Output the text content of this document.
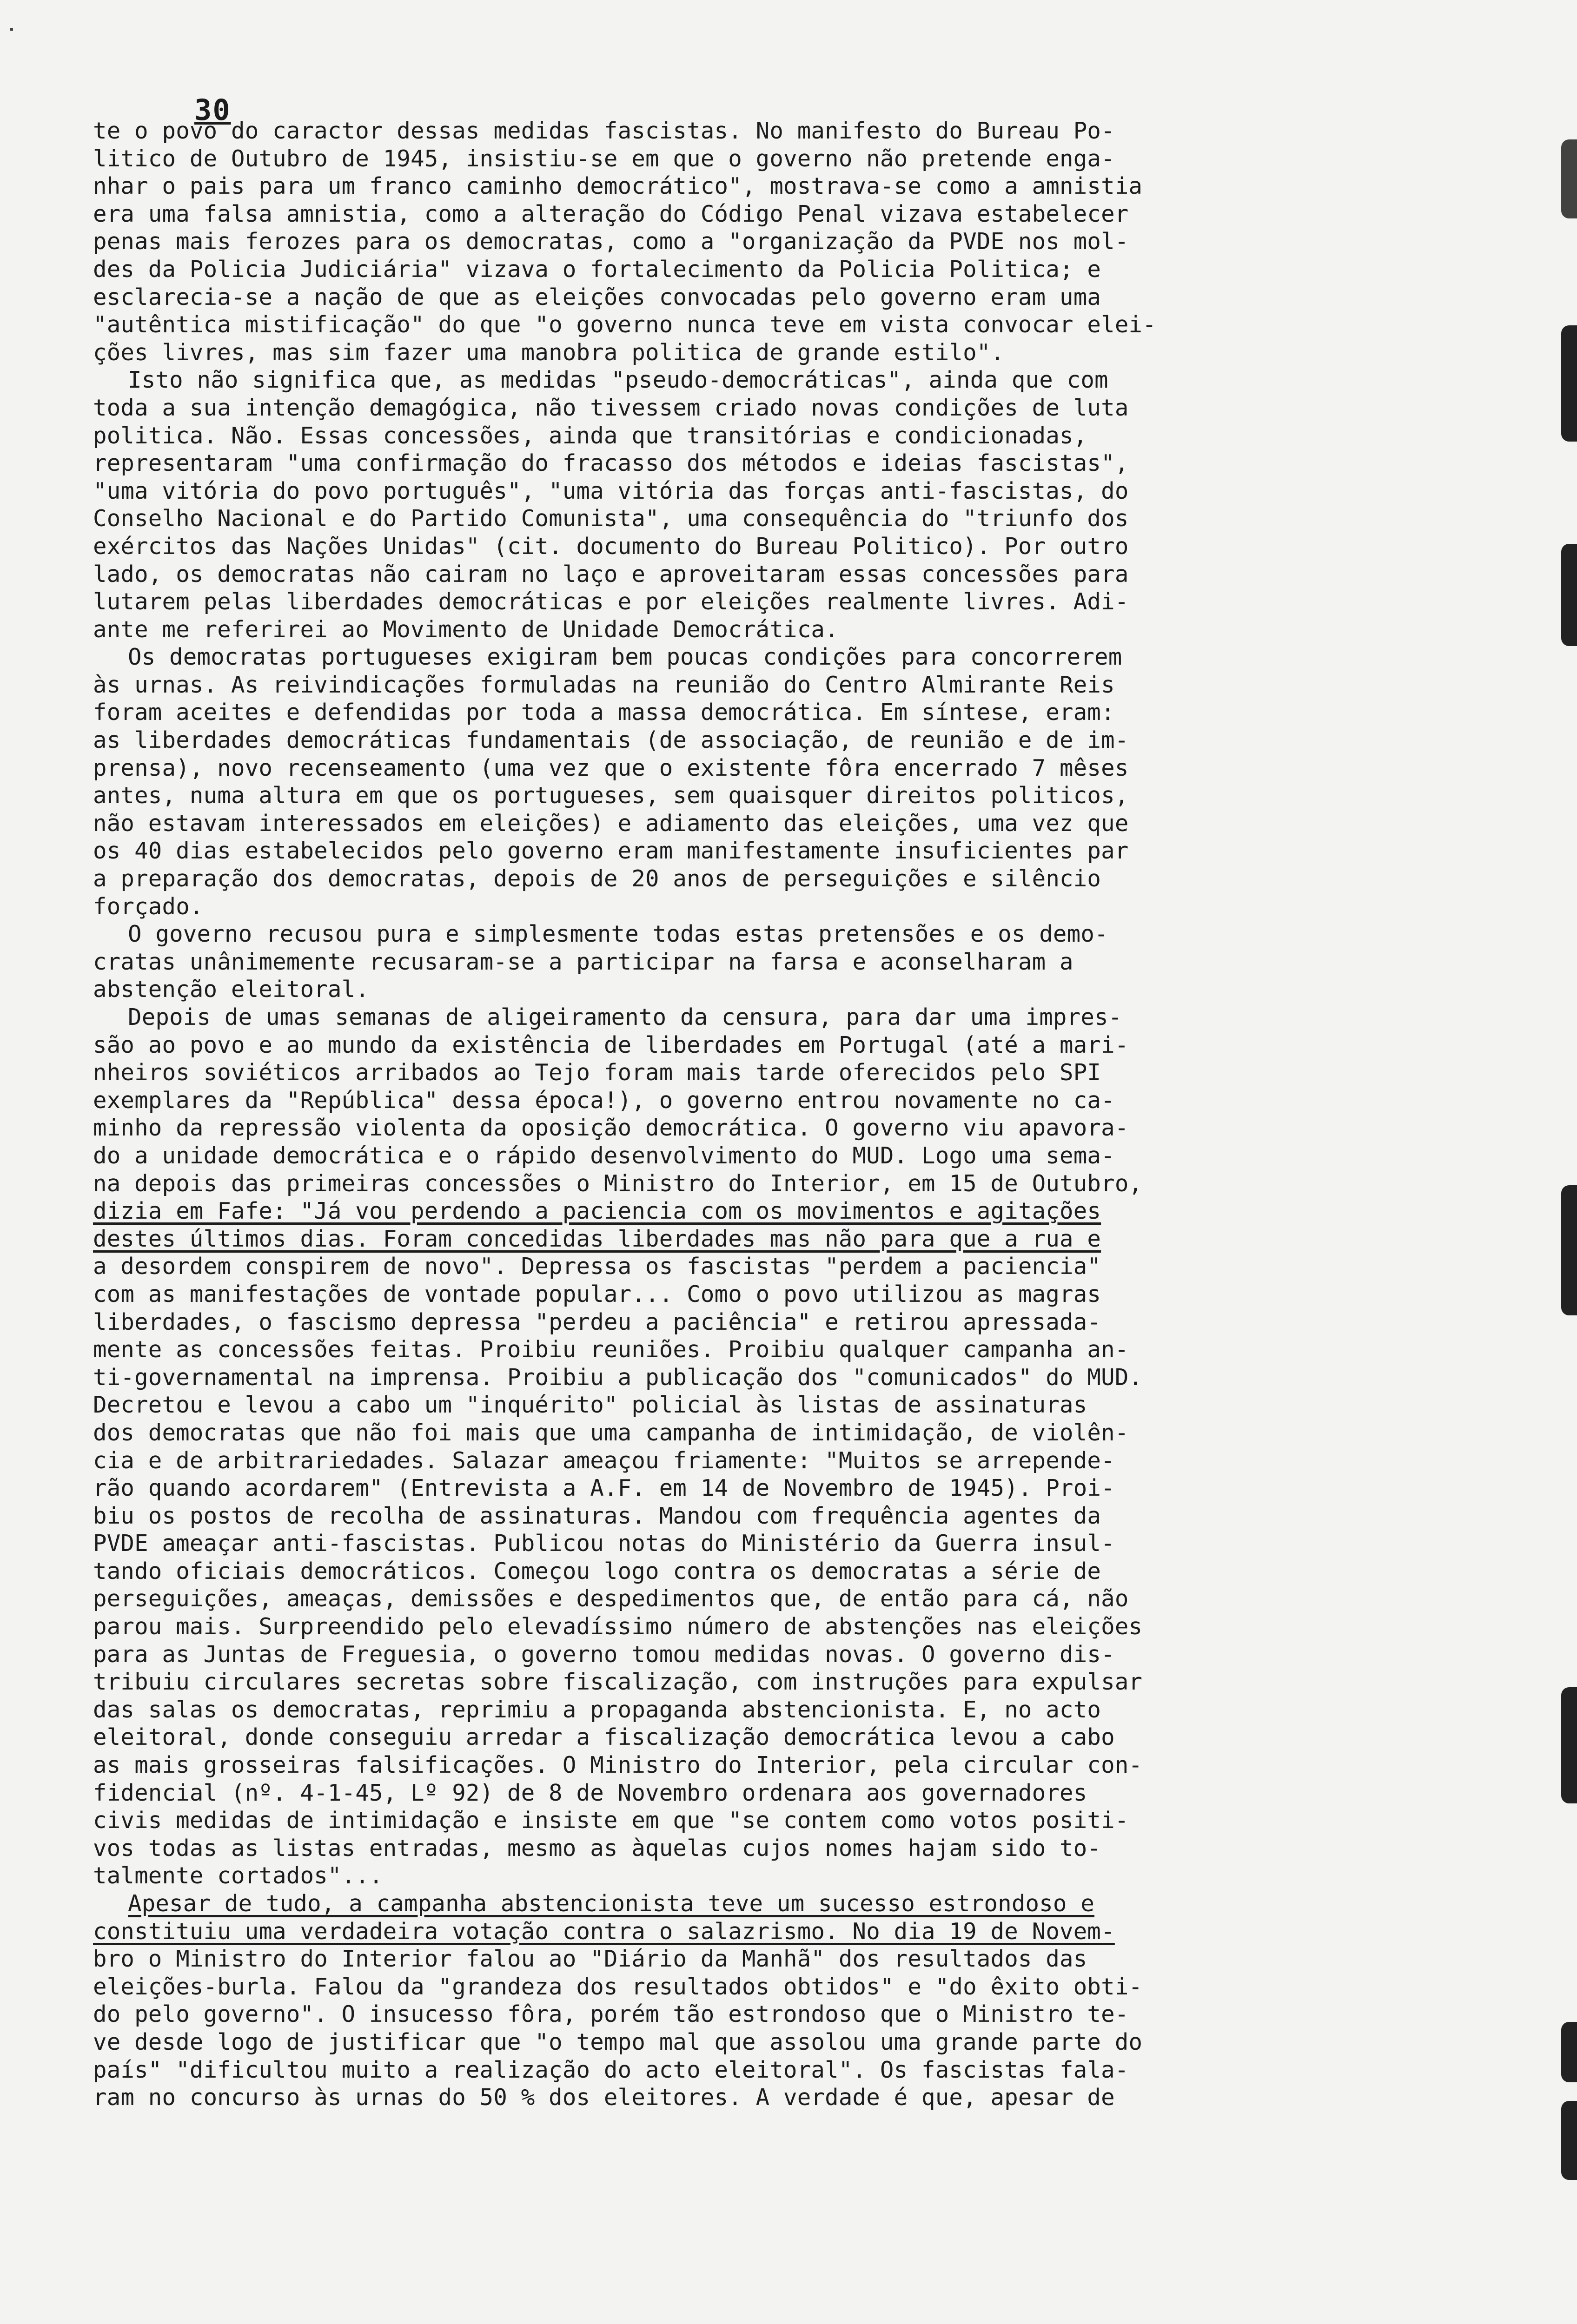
30

te o povo do caractor dessas medidas fascistas. No manifesto do Bureau Po-
litico de Outubro de 1945, insistiu-se em que o governo não pretende enga-
nhar o pais para um franco caminho democrático", mostrava-se como a amnistia
era uma falsa amnistia, como a alteração do Código Penal vizava estabelecer
penas mais ferozes para os democratas, como a "organização da PVDE nos mol-
des da Policia Judiciária" vizava o fortalecimento da Policia Politica; e
esclarecia-se a nação de que as eleições convocadas pelo governo eram uma
"autêntica mistificação" do que "o governo nunca teve em vista convocar elei-
ções livres, mas sim fazer uma manobra politica de grande estilo".

Isto não significa que, as medidas "pseudo-democráticas", ainda que com
toda a sua intenção demagógica, não tivessem criado novas condições de luta
politica. Não. Essas concessões, ainda que transitórias e condicionadas,
representaram "uma confirmação do fracasso dos métodos e ideias fascistas",
"uma vitória do povo português", "uma vitória das forças anti-fascistas, do
Conselho Nacional e do Partido Comunista", uma consequência do "triunfo dos
exércitos das Nações Unidas" (cit. documento do Bureau Politico). Por outro
lado, os democratas não cairam no laço e aproveitaram essas concessões para
lutarem pelas liberdades democráticas e por eleições realmente livres. Adi-
ante me referirei ao Movimento de Unidade Democrática.

Os democratas portugueses exigiram bem poucas condições para concorrerem
às urnas. As reivindicações formuladas na reunião do Centro Almirante Reis
foram aceites e defendidas por toda a massa democrática. Em síntese, eram:
as liberdades democráticas fundamentais (de associação, de reunião e de im-
prensa), novo recenseamento (uma vez que o existente fôra encerrado 7 mêses
antes, numa altura em que os portugueses, sem quaisquer direitos politicos,
não estavam interessados em eleições) e adiamento das eleições, uma vez que
os 40 dias estabelecidos pelo governo eram manifestamente insuficientes par
a preparação dos democratas, depois de 20 anos de perseguições e silêncio
forçado.

O governo recusou pura e simplesmente todas estas pretensões e os demo-
cratas unânimemente recusaram-se a participar na farsa e aconselharam a
abstenção eleitoral.

Depois de umas semanas de aligeiramento da censura, para dar uma impres-
são ao povo e ao mundo da existência de liberdades em Portugal (até a mari-
nheiros soviéticos arribados ao Tejo foram mais tarde oferecidos pelo SPI
exemplares da "República" dessa época!), o governo entrou novamente no ca-
minho da repressão violenta da oposição democrática. O governo viu apavora-
do a unidade democrática e o rápido desenvolvimento do MUD. Logo uma sema-
na depois das primeiras concessões o Ministro do Interior, em 15 de Outubro,
dizia em Fafe: "Já vou perdendo a paciencia com os movimentos e agitações
destes últimos dias. Foram concedidas liberdades mas não para que a rua e
a desordem conspirem de novo". Depressa os fascistas "perdem a paciencia"
com as manifestações de vontade popular... Como o povo utilizou as magras
liberdades, o fascismo depressa "perdeu a paciência" e retirou apressada-
mente as concessões feitas. Proibiu reuniões. Proibiu qualquer campanha an-
ti-governamental na imprensa. Proibiu a publicação dos "comunicados" do MUD.
Decretou e levou a cabo um "inquérito" policial às listas de assinaturas
dos democratas que não foi mais que uma campanha de intimidação, de violên-
cia e de arbitrariedades. Salazar ameaçou friamente: "Muitos se arrepende-
rão quando acordarem" (Entrevista a A.F. em 14 de Novembro de 1945). Proi-
biu os postos de recolha de assinaturas. Mandou com frequência agentes da
PVDE ameaçar anti-fascistas. Publicou notas do Ministério da Guerra insul-
tando oficiais democráticos. Começou logo contra os democratas a série de
perseguições, ameaças, demissões e despedimentos que, de então para cá, não
parou mais. Surpreendido pelo elevadíssimo número de abstenções nas eleições
para as Juntas de Freguesia, o governo tomou medidas novas. O governo dis-
tribuiu circulares secretas sobre fiscalização, com instruções para expulsar
das salas os democratas, reprimiu a propaganda abstencionista. E, no acto
eleitoral, donde conseguiu arredar a fiscalização democrática levou a cabo
as mais grosseiras falsificações. O Ministro do Interior, pela circular con-
fidencial (nº. 4-1-45, Lº 92) de 8 de Novembro ordenara aos governadores
civis medidas de intimidação e insiste em que "se contem como votos positi-
vos todas as listas entradas, mesmo as àquelas cujos nomes hajam sido to-
talmente cortados"...

Apesar de tudo, a campanha abstencionista teve um sucesso estrondoso e
constituiu uma verdadeira votação contra o salazrismo. No dia 19 de Novem-
bro o Ministro do Interior falou ao "Diário da Manhã" dos resultados das
eleições-burla. Falou da "grandeza dos resultados obtidos" e "do êxito obti-
do pelo governo". O insucesso fôra, porém tão estrondoso que o Ministro te-
ve desde logo de justificar que "o tempo mal que assolou uma grande parte do
país" "dificultou muito a realização do acto eleitoral". Os fascistas fala-
ram no concurso às urnas do 50 % dos eleitores. A verdade é que, apesar de
